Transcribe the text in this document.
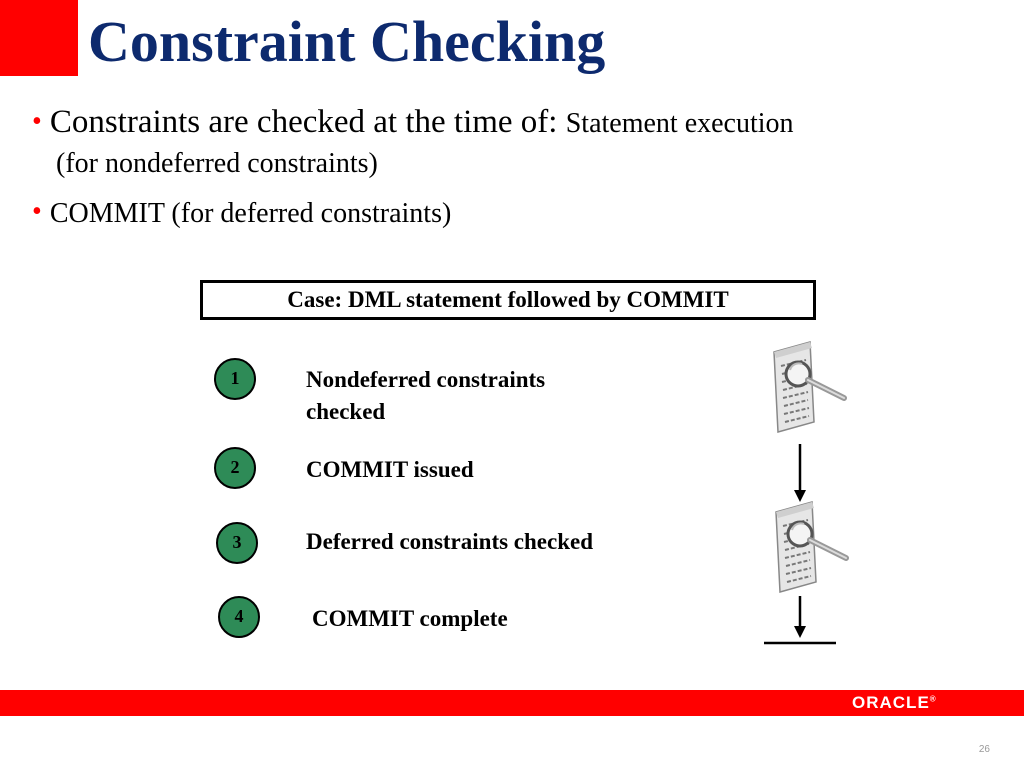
Constraint Checking
• Constraints are checked at the time of: Statement execution
(for nondeferred constraints)
• COMMIT (for deferred constraints)
Case: DML statement followed by COMMIT
1	Nondeferred constraints
checked
2	COMMIT issued
3	Deferred constraints checked
4	COMMIT complete
ORACLE®
26
